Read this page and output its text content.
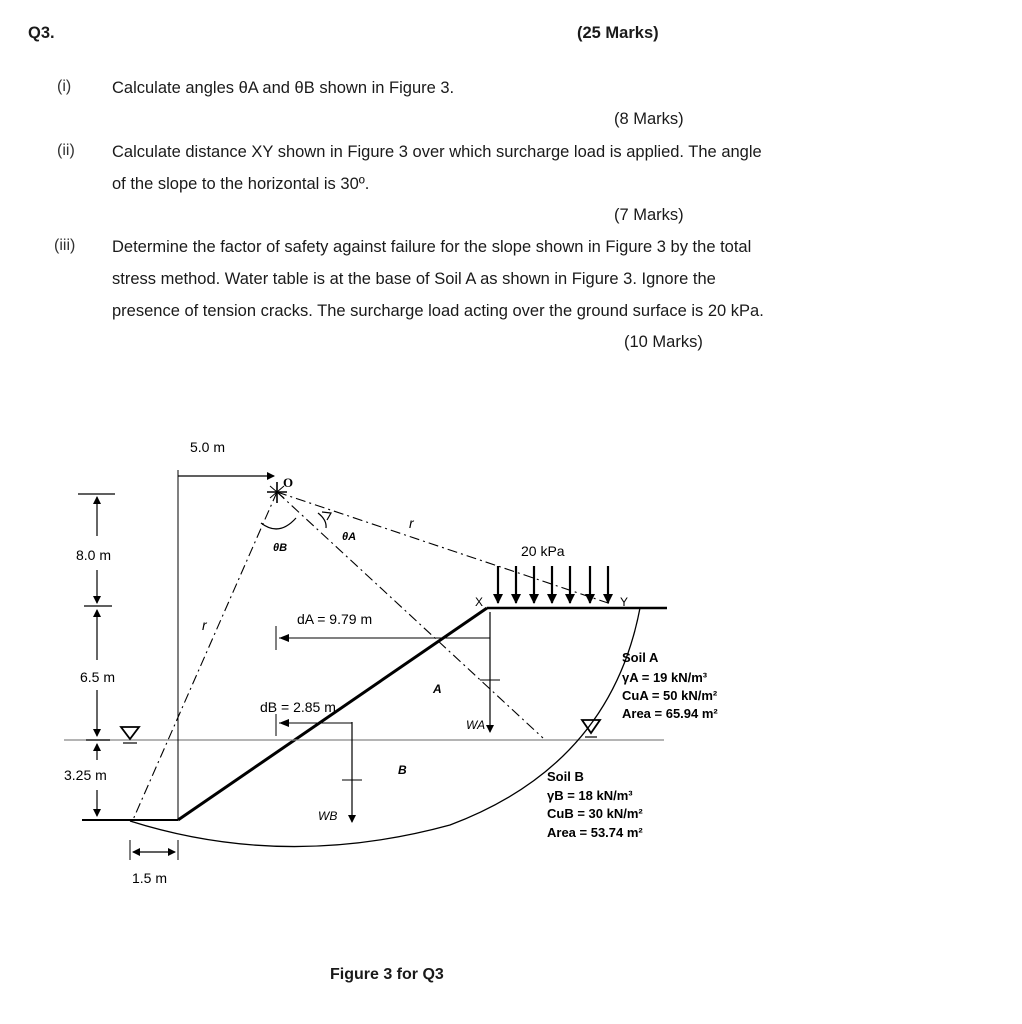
Q3.	(25 Marks)
(i) Calculate angles θA and θB shown in Figure 3.
(8 Marks)
(ii) Calculate distance XY shown in Figure 3 over which surcharge load is applied. The angle
of the slope to the horizontal is 30º.
(7 Marks)
(iii) Determine the factor of safety against failure for the slope shown in Figure 3 by the total
stress method. Water table is at the base of Soil A as shown in Figure 3. Ignore the
presence of tension cracks. The surcharge load acting over the ground surface is 20 kPa.
(10 Marks)
O
θB
θA
r
r
5.0 m
8.0 m
6.5 m
3.25 m
1.5 m
dA = 9.79 m
dB = 2.85 m
WA
WB
A
B
20 kPa
X	Y
Soil A
γA = 19 kN/m³
CuA = 50 kN/m²
Area = 65.94 m²
Soil B
γB = 18 kN/m³
CuB = 30 kN/m²
Area = 53.74 m²
Figure 3 for Q3
